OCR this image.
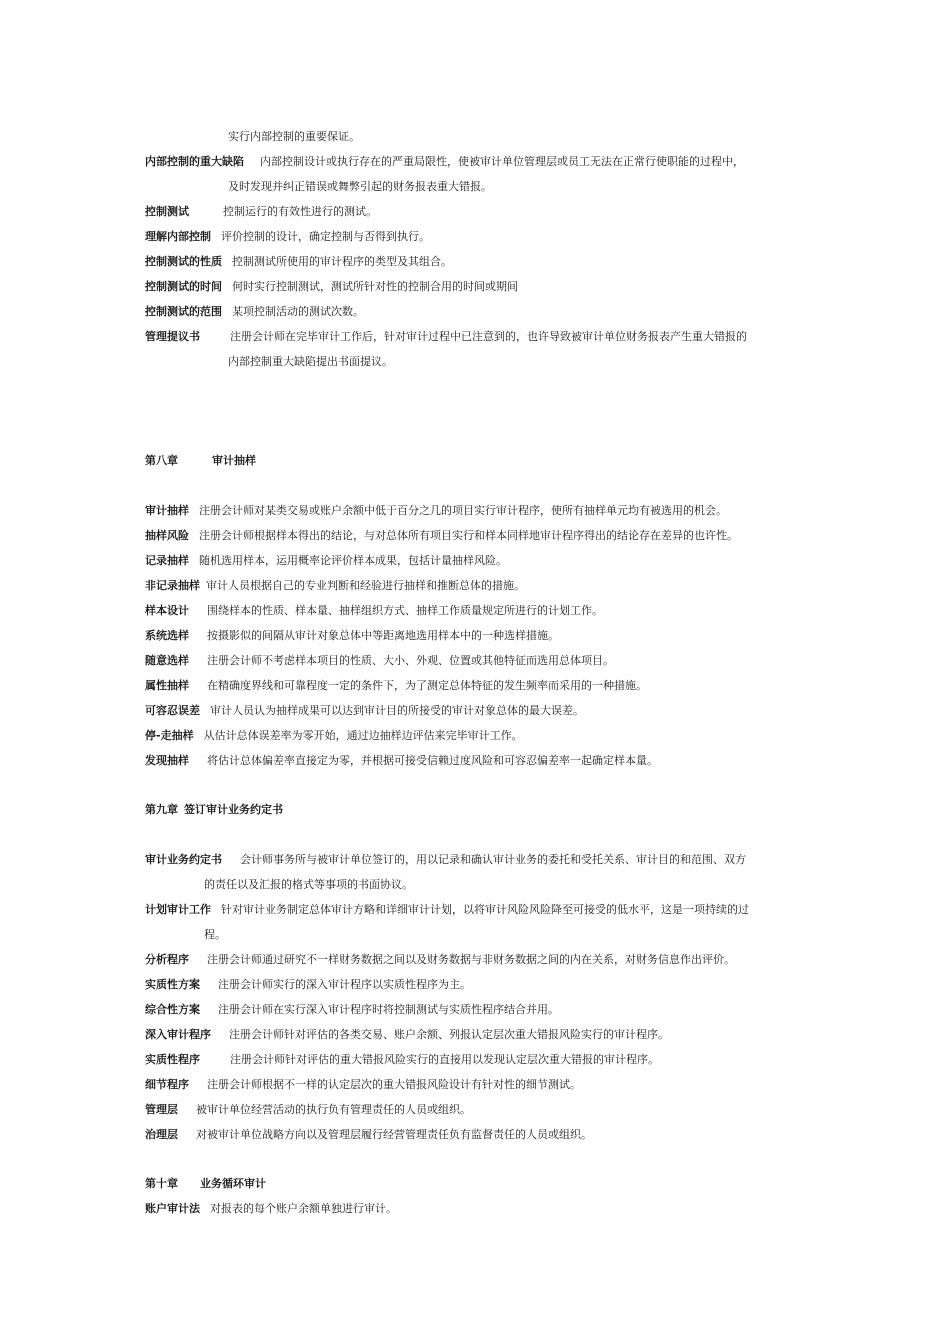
实行内部控制的重要保证。
内部控制的重大缺陷 内部控制设计或执行存在的严重局限性，使被审计单位管理层或员工无法在正常行使职能的过程中，
及时发现并纠正错误或舞弊引起的财务报表重大错报。
控制测试	控制运行的有效性进行的测试。
理解内部控制 评价控制的设计，确定控制与否得到执行。
控制测试的性质 控制测试所使用的审计程序的类型及其组合。
控制测试的时间 何时实行控制测试，测试所针对性的控制合用的时间或期间
控制测试的范围 某项控制活动的测试次数。
管理提议书	注册会计师在完毕审计工作后，针对审计过程中已注意到的，也许导致被审计单位财务报表产生重大错报的
内部控制重大缺陷提出书面提议。
第八章	审计抽样
审计抽样 注册会计师对某类交易或账户余额中低于百分之几的项目实行审计程序，使所有抽样单元均有被选用的机会。
抽样风险 注册会计师根据样本得出的结论，与对总体所有项目实行和样本同样地审计程序得出的结论存在差异的也许性。
记录抽样 随机选用样本，运用概率论评价样本成果，包括计量抽样风险。
非记录抽样 审计人员根据自己的专业判断和经验进行抽样和推断总体的措施。
样本设计 围绕样本的性质、样本量、抽样组织方式、抽样工作质量规定所进行的计划工作。
系统选样 按摄影似的间隔从审计对象总体中等距离地选用样本中的一种选样措施。
随意选样 注册会计师不考虑样本项目的性质、大小、外观、位置或其他特征而选用总体项目。
属性抽样 在精确度界线和可靠程度一定的条件下，为了测定总体特征的发生频率而采用的一种措施。
可容忍误差 审计人员认为抽样成果可以达到审计目的所接受的审计对象总体的最大误差。
停-走抽样 从估计总体误差率为零开始，通过边抽样边评估来完毕审计工作。
发现抽样 将估计总体偏差率直接定为零，并根据可接受信赖过度风险和可容忍偏差率一起确定样本量。
第九章 签订审计业务约定书
审计业务约定书 会计师事务所与被审计单位签订的，用以记录和确认审计业务的委托和受托关系、审计目的和范围、双方
的责任以及汇报的格式等事项的书面协议。
计划审计工作 针对审计业务制定总体审计方略和详细审计计划，以将审计风险风险降至可接受的低水平，这是一项持续的过
程。
分析程序 注册会计师通过研究不一样财务数据之间以及财务数据与非财务数据之间的内在关系，对财务信息作出评价。
实质性方案 注册会计师实行的深入审计程序以实质性程序为主。
综合性方案 注册会计师在实行深入审计程序时将控制测试与实质性程序结合并用。
深入审计程序 注册会计师针对评估的各类交易、账户余额、列报认定层次重大错报风险实行的审计程序。
实质性程序	注册会计师针对评估的重大错报风险实行的直接用以发现认定层次重大错报的审计程序。
细节程序 注册会计师根据不一样的认定层次的重大错报风险设计有针对性的细节测试。
管理层 被审计单位经营活动的执行负有管理责任的人员或组织。
治理层 对被审计单位战略方向以及管理层履行经营管理责任负有监督责任的人员或组织。
第十章 业务循环审计
账户审计法 对报表的每个账户余额单独进行审计。
